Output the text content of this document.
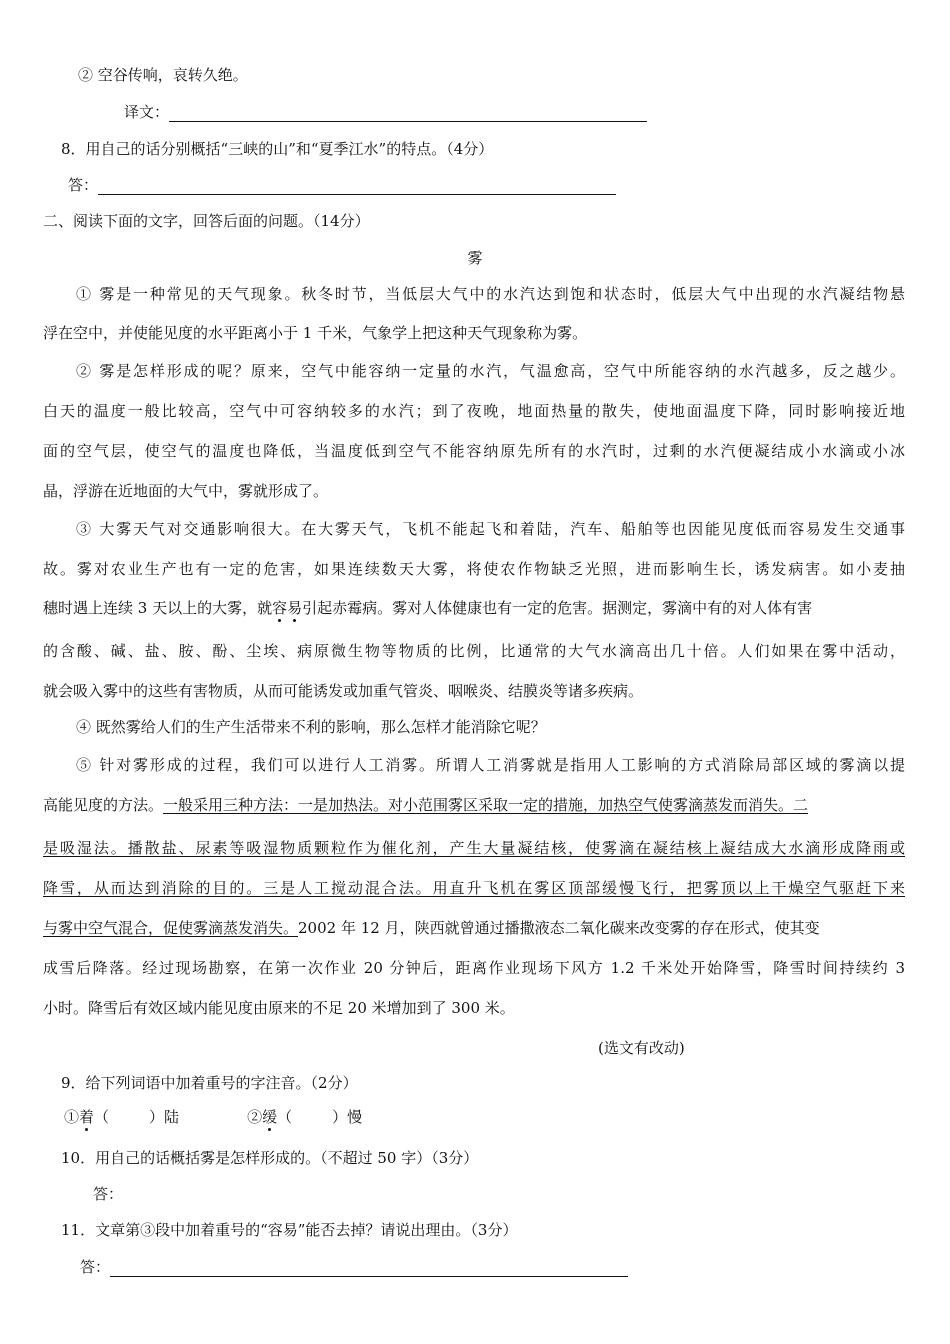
② 空谷传响，哀转久绝。
译文：
8．用自己的话分别概括“三峡的山”和“夏季江水”的特点。（4分）
答：
二、阅读下面的文字，回答后面的问题。（14分）
雾
① 雾是一种常见的天气现象。秋冬时节，当低层大气中的水汽达到饱和状态时，低层大气中出现的水汽凝结物悬
浮在空中，并使能见度的水平距离小于 1 千米，气象学上把这种天气现象称为雾。
② 雾是怎样形成的呢？原来，空气中能容纳一定量的水汽，气温愈高，空气中所能容纳的水汽越多，反之越少。
白天的温度一般比较高，空气中可容纳较多的水汽；到了夜晚，地面热量的散失，使地面温度下降，同时影响接近地
面的空气层，使空气的温度也降低，当温度低到空气不能容纳原先所有的水汽时，过剩的水汽便凝结成小水滴或小冰
晶，浮游在近地面的大气中，雾就形成了。
③ 大雾天气对交通影响很大。在大雾天气，飞机不能起飞和着陆，汽车、船舶等也因能见度低而容易发生交通事
故。雾对农业生产也有一定的危害，如果连续数天大雾，将使农作物缺乏光照，进而影响生长，诱发病害。如小麦抽
穗时遇上连续 3 天以上的大雾，就容易引起赤霉病。雾对人体健康也有一定的危害。据测定，雾滴中有的对人体有害
的含酸、碱、盐、胺、酚、尘埃、病原微生物等物质的比例，比通常的大气水滴高出几十倍。人们如果在雾中活动，
就会吸入雾中的这些有害物质，从而可能诱发或加重气管炎、咽喉炎、结膜炎等诸多疾病。
④ 既然雾给人们的生产生活带来不利的影响，那么怎样才能消除它呢？
⑤ 针对雾形成的过程，我们可以进行人工消雾。所谓人工消雾就是指用人工影响的方式消除局部区域的雾滴以提
高能见度的方法。一般采用三种方法：一是加热法。对小范围雾区采取一定的措施，加热空气使雾滴蒸发而消失。二
是吸湿法。播散盐、尿素等吸湿物质颗粒作为催化剂，产生大量凝结核，使雾滴在凝结核上凝结成大水滴形成降雨或
降雪，从而达到消除的目的。三是人工搅动混合法。用直升飞机在雾区顶部缓慢飞行，把雾顶以上干燥空气驱赶下来
与雾中空气混合，促使雾滴蒸发消失。2002 年 12 月，陕西就曾通过播撒液态二氧化碳来改变雾的存在形式，使其变
成雪后降落。经过现场勘察，在第一次作业 20 分钟后，距离作业现场下风方 1.2 千米处开始降雪，降雪时间持续约 3
小时。降雪后有效区域内能见度由原来的不足 20 米增加到了 300 米。
(选文有改动)
9．给下列词语中加着重号的字注音。（2分）
①着（	）陆	②缓（	）慢
10．用自己的话概括雾是怎样形成的。（不超过 50 字）（3分）
答：
11．文章第③段中加着重号的“容易”能否去掉？请说出理由。（3分）
答：
